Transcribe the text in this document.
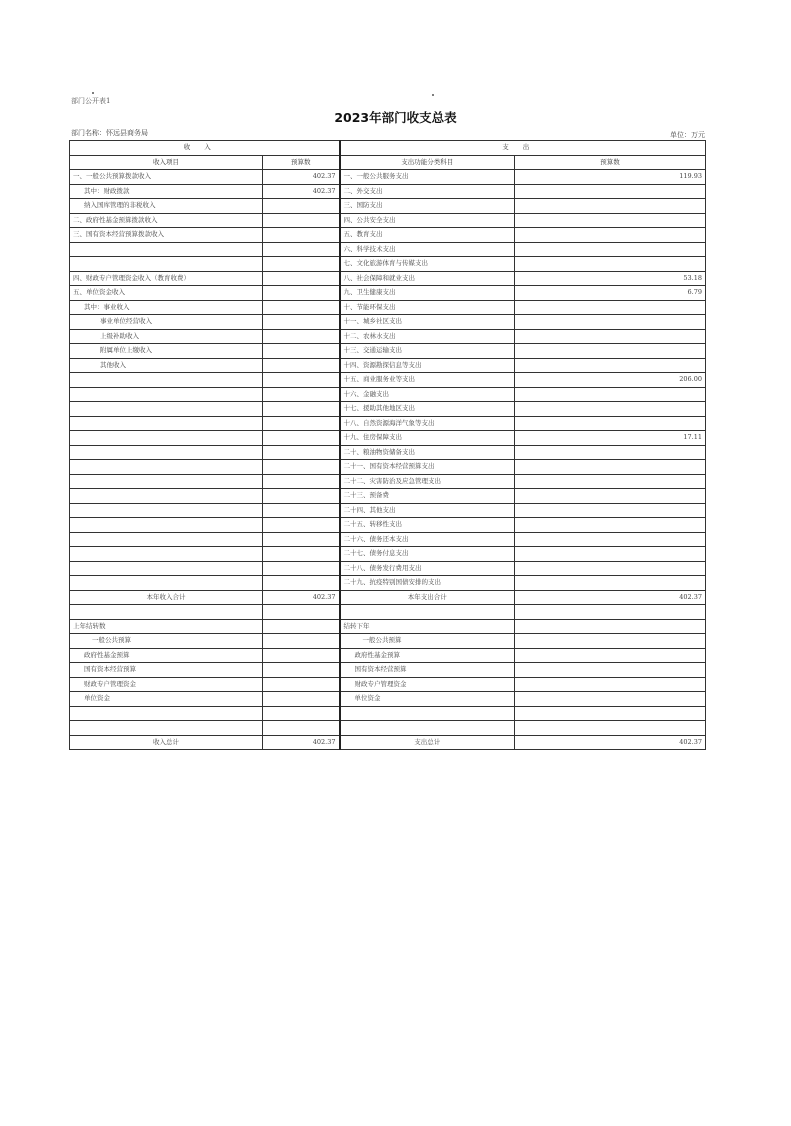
部门公开表1
2023年部门收支总表
部门名称：怀远县商务局	单位：万元
收入		支出	
收入项目	预算数	支出功能分类科目	预算数
一、一般公共预算拨款收入	402.37	一、一般公共服务支出	119.93
其中：财政拨款	402.37	二、外交支出	
纳入国库管理的非税收入		三、国防支出	
二、政府性基金预算拨款收入		四、公共安全支出	
三、国有资本经营预算拨款收入		五、教育支出	
		六、科学技术支出	
		七、文化旅游体育与传媒支出	
四、财政专户管理资金收入（教育收费）		八、社会保障和就业支出	53.18
五、单位资金收入		九、卫生健康支出	6.79
其中：事业收入		十、节能环保支出	
事业单位经营收入		十一、城乡社区支出	
上级补助收入		十二、农林水支出	
附属单位上缴收入		十三、交通运输支出	
其他收入		十四、资源勘探信息等支出	
		十五、商业服务业等支出	206.00
		十六、金融支出	
		十七、援助其他地区支出	
		十八、自然资源海洋气象等支出	
		十九、住房保障支出	17.11
		二十、粮油物资储备支出	
		二十一、国有资本经营预算支出	
		二十二、灾害防治及应急管理支出	
		二十三、预备费	
		二十四、其他支出	
		二十五、转移性支出	
		二十六、债务还本支出	
		二十七、债务付息支出	
		二十八、债务发行费用支出	
		二十九、抗疫特别国债安排的支出	
本年收入合计	402.37	本年支出合计	402.37

上年结转数		结转下年	
一般公共预算		一般公共预算	
政府性基金预算		政府性基金预算	
国有资本经营预算		国有资本经营预算	
财政专户管理资金		财政专户管理资金	
单位资金		单位资金	

收入总计	402.37	支出总计	402.37
